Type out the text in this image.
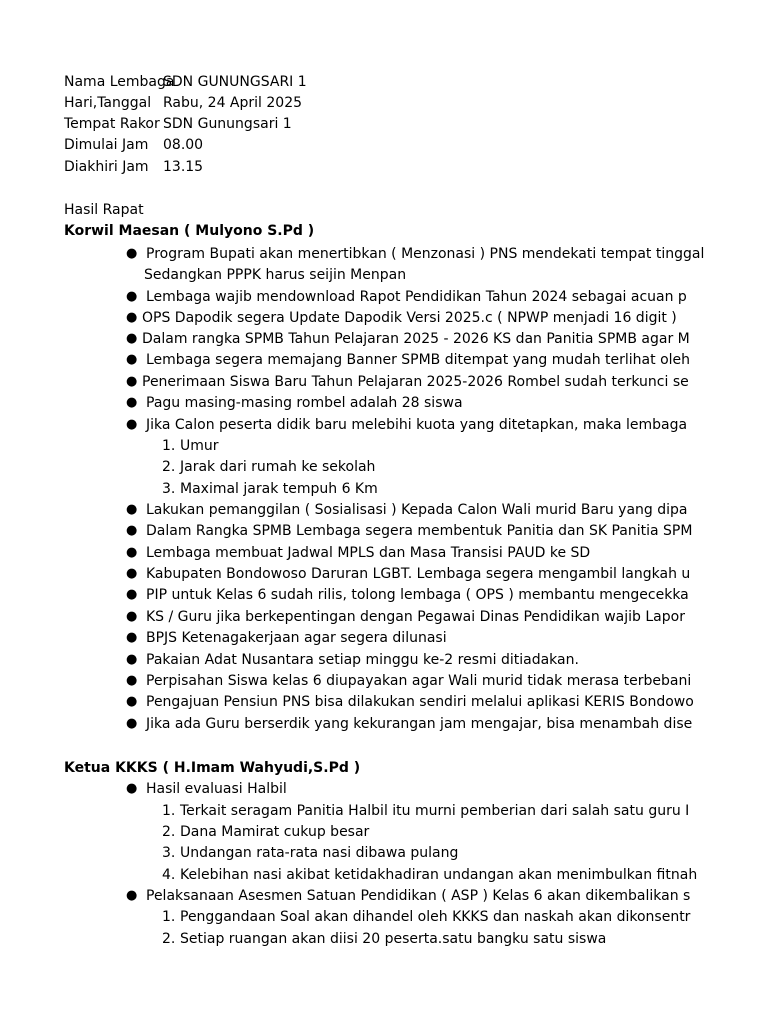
Nama Lembaga
SDN GUNUNGSARI 1
Hari,Tanggal Rabu, 24 April 2025
Tempat Rakor SDN Gunungsari 1
Dimulai Jam	08.00
Diakhiri Jam	13.15
Hasil Rapat
Korwil Maesan ( Mulyono S.Pd )
● Program Bupati akan menertibkan ( Menzonasi ) PNS mendekati tempat tinggal
Sedangkan PPPK harus seijin Menpan
● Lembaga wajib mendownload Rapot Pendidikan Tahun 2024 sebagai acuan p
● OPS Dapodik segera Update Dapodik Versi 2025.c ( NPWP menjadi 16 digit )
● Dalam rangka SPMB Tahun Pelajaran 2025 - 2026 KS dan Panitia SPMB agar M
● Lembaga segera memajang Banner SPMB ditempat yang mudah terlihat oleh
● Penerimaan Siswa Baru Tahun Pelajaran 2025-2026 Rombel sudah terkunci se
● Pagu masing-masing rombel adalah 28 siswa
● Jika Calon peserta didik baru melebihi kuota yang ditetapkan, maka lembaga
1. Umur
2. Jarak dari rumah ke sekolah
3. Maximal jarak tempuh 6 Km
● Lakukan pemanggilan ( Sosialisasi ) Kepada Calon Wali murid Baru yang dipa
● Dalam Rangka SPMB Lembaga segera membentuk Panitia dan SK Panitia SPM
● Lembaga membuat Jadwal MPLS dan Masa Transisi PAUD ke SD
● Kabupaten Bondowoso Daruran LGBT. Lembaga segera mengambil langkah u
● PIP untuk Kelas 6 sudah rilis, tolong lembaga ( OPS ) membantu mengecekka
● KS / Guru jika berkepentingan dengan Pegawai Dinas Pendidikan wajib Lapor
● BPJS Ketenagakerjaan agar segera dilunasi
● Pakaian Adat Nusantara setiap minggu ke-2 resmi ditiadakan.
● Perpisahan Siswa kelas 6 diupayakan agar Wali murid tidak merasa terbebani
● Pengajuan Pensiun PNS bisa dilakukan sendiri melalui aplikasi KERIS Bondowo
● Jika ada Guru berserdik yang kekurangan jam mengajar, bisa menambah dise
Ketua KKKS ( H.Imam Wahyudi,S.Pd )
● Hasil evaluasi Halbil
1. Terkait seragam Panitia Halbil itu murni pemberian dari salah satu guru I
2. Dana Mamirat cukup besar
3. Undangan rata-rata nasi dibawa pulang
4. Kelebihan nasi akibat ketidakhadiran undangan akan menimbulkan fitnah
● Pelaksanaan Asesmen Satuan Pendidikan ( ASP ) Kelas 6 akan dikembalikan s
1. Penggandaan Soal akan dihandel oleh KKKS dan naskah akan dikonsentr
2. Setiap ruangan akan diisi 20 peserta.satu bangku satu siswa
